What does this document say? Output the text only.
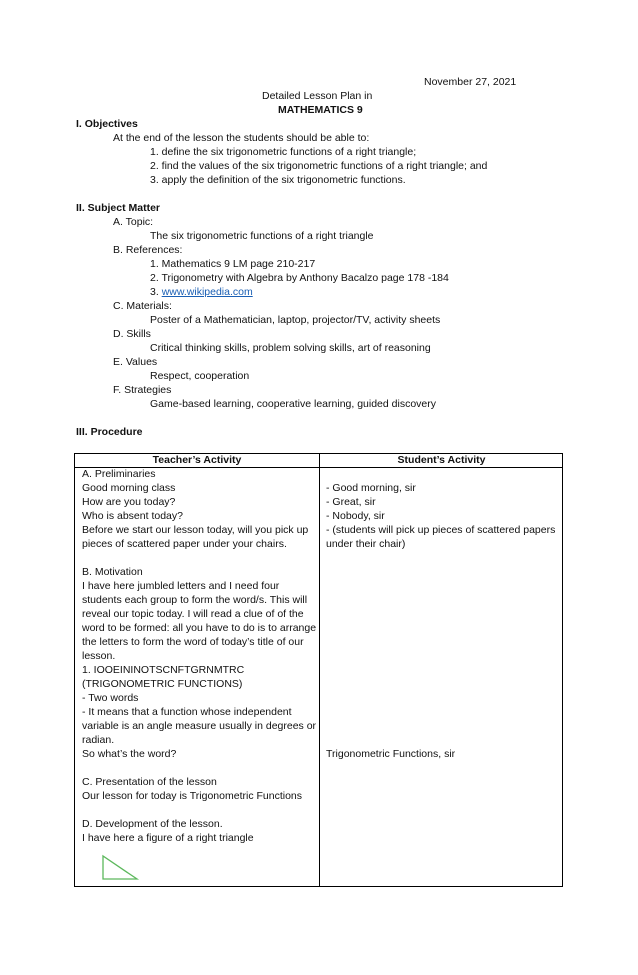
November 27, 2021
Detailed Lesson Plan in
MATHEMATICS 9
I. Objectives
At the end of the lesson the students should be able to:
1. define the six trigonometric functions of a right triangle;
2. find the values of the six trigonometric functions of a right triangle; and
3. apply the definition of the six trigonometric functions.
II. Subject Matter
A. Topic:
The six trigonometric functions of a right triangle
B. References:
1. Mathematics 9 LM page 210-217
2. Trigonometry with Algebra by Anthony Bacalzo page 178 -184
3. www.wikipedia.com
C. Materials:
Poster of a Mathematician, laptop, projector/TV, activity sheets
D. Skills
Critical thinking skills, problem solving skills, art of reasoning
E. Values
Respect, cooperation
F. Strategies
Game-based learning, cooperative learning, guided discovery
III. Procedure
Teacher’s Activity	Student’s Activity
A. Preliminaries
Good morning class
How are you today?
Who is absent today?
Before we start our lesson today, will you pick up
pieces of scattered paper under your chairs.
B. Motivation
I have here jumbled letters and I need four
students each group to form the word/s. This will
reveal our topic today. I will read a clue of of the
word to be formed: all you have to do is to arrange
the letters to form the word of today’s title of our
lesson.
1. IOOEININOTSCNFTGRNMTRC
(TRIGONOMETRIC FUNCTIONS)
- Two words
- It means that a function whose independent
variable is an angle measure usually in degrees or
radian.
So what’s the word?
C. Presentation of the lesson
Our lesson for today is Trigonometric Functions
D. Development of the lesson.
I have here a figure of a right triangle
- Good morning, sir
- Great, sir
- Nobody, sir
- (students will pick up pieces of scattered papers
under their chair)
Trigonometric Functions, sir
